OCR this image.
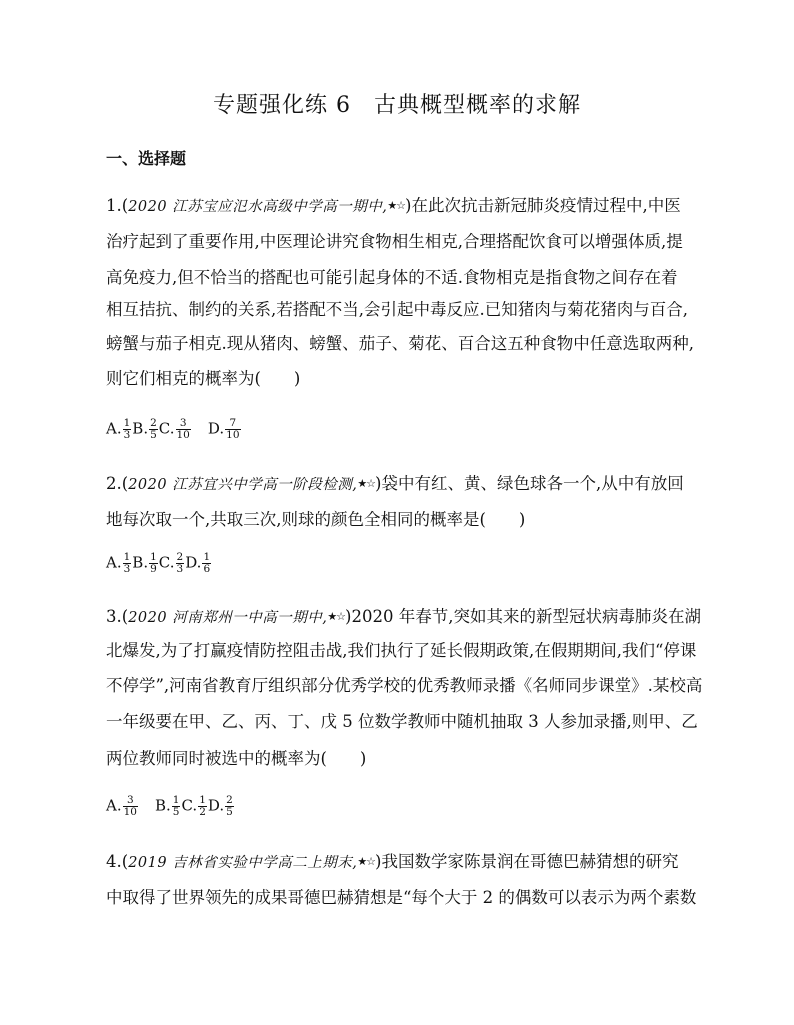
专题强化练 6　古典概型概率的求解
一、选择题
1.(2020 江苏宝应氾水高级中学高一期中,★☆)在此次抗击新冠肺炎疫情过程中,中医
治疗起到了重要作用,中医理论讲究食物相生相克,合理搭配饮食可以增强体质,提
高免疫力,但不恰当的搭配也可能引起身体的不适.食物相克是指食物之间存在着
相互拮抗、制约的关系,若搭配不当,会引起中毒反应.已知猪肉与菊花猪肉与百合,
螃蟹与茄子相克.现从猪肉、螃蟹、茄子、菊花、百合这五种食物中任意选取两种,
则它们相克的概率为(　　)
A. $\frac{1}{3} B$. $\frac{2}{5} C$. $\frac{3}{10} D$. $\frac{7}{10}$
2.(2020 江苏宜兴中学高一阶段检测,★☆)袋中有红、黄、绿色球各一个,从中有放回
地每次取一个,共取三次,则球的颜色全相同的概率是(　　)
A. $\frac{1}{3} B$. $\frac{1}{9} C$. $\frac{2}{3} D$. $\frac{1}{6}$
3.(2020 河南郑州一中高一期中,★☆)2020 年春节,突如其来的新型冠状病毒肺炎在湖
北爆发,为了打赢疫情防控阻击战,我们执行了延长假期政策,在假期期间,我们“停课
不停学”,河南省教育厅组织部分优秀学校的优秀教师录播《名师同步课堂》.某校高
一年级要在甲、乙、丙、丁、戊 5 位数学教师中随机抽取 3 人参加录播,则甲、乙
两位教师同时被选中的概率为(　　)
A. $\frac{3}{10} B$. $\frac{1}{5} C$. $\frac{1}{2} D$. $\frac{2}{5}$
4.(2019 吉林省实验中学高二上期末,★☆)我国数学家陈景润在哥德巴赫猜想的研究
中取得了世界领先的成果哥德巴赫猜想是“每个大于 2 的偶数可以表示为两个素数
